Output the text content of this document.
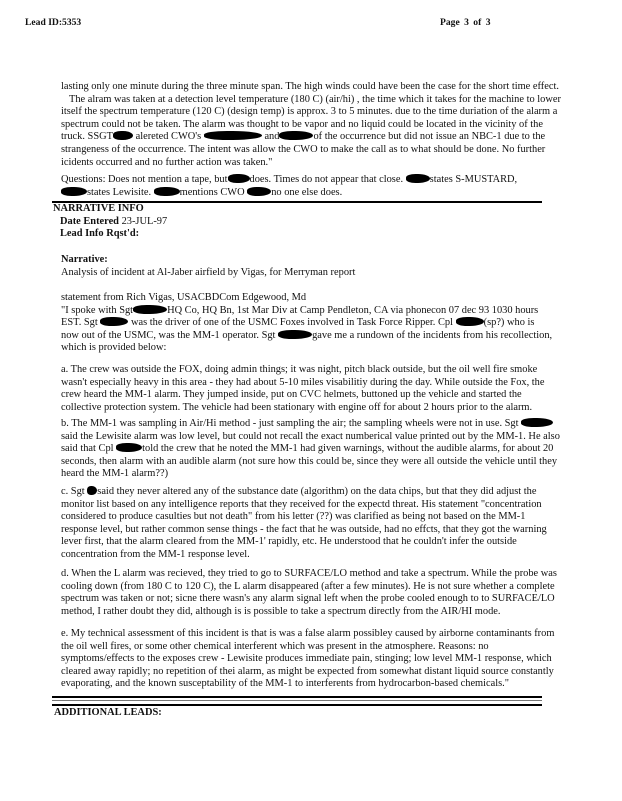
Lead ID:5353	Page 3 of 3

lasting only one minute during the three minute span. The high winds could have been the case for the short time effect.

The alram was taken at a detection level temperature (180 C) (air/hi) , the time which it takes for the machine to lower

itself the spectrum temperature (120 C) (design temp) is approx. 3 to 5 minutes. due to the time duriation of the alarm a

spectrum could not be taken. The alarm was thought to be vapor and no liquid could be located in the vicinity of the

truck. SSGT alereted CWO's	and	of the occurrence but did not issue an NBC-1 due to the

strangeness of the occurrence. The intent was allow the CWO to make the call as to what should be done. No further

icidents occurred and no further action was taken."

Questions: Does not mention a tape, but does. Times do not appear that close.	states S-MUSTARD,

states Lewisite.	mentions CWO	no one else does.

NARRATIVE INFO
Date Entered 23-JUL-97
Lead Info Rqst'd:

Narrative:

Analysis of incident at Al-Jaber airfield by Vigas, for Merryman report

statement from Rich Vigas, USACBDCom Edgewood, Md

"I spoke with Sgt	HQ Co, HQ Bn, 1st Mar Div at Camp Pendleton, CA via phonecon 07 dec 93 1030 hours

EST. Sgt	was the driver of one of the USMC Foxes involved in Task Force Ripper. Cpl	(sp?) who is

now out of the USMC, was the MM-1 operator. Sgt	gave me a rundown of the incidents from his recollection,

which is provided below:

a. The crew was outside the FOX, doing admin things; it was night, pitch black outside, but the oil well fire smoke

wasn't especially heavy in this area - they had about 5-10 miles visabilitiy during the day. While outside the Fox, the

crew heard the MM-1 alarm. They jumped inside, put on CVC helmets, buttoned up the vehicle and started the

collective protection system. The vehicle had been stationary with engine off for about 2 hours prior to the alarm.

b. The MM-1 was sampling in Air/Hi method - just sampling the air; the sampling wheels were not in use. Sgt

said the Lewisite alarm was low level, but could not recall the exact numberical value printed out by the MM-1. He also

said that Cpl	told the crew that he noted the MM-1 had given warnings, without the audible alarms, for about 20

seconds, then alarm with an audible alarm (not sure how this could be, since they were all outside the vehicle until they

heard the MM-1 alarm??)

c. Sgt said they never altered any of the substance date (algorithm) on the data chips, but that they did adjust the

monitor list based on any intelligence reports that they received for the expectd threat. His statement "concentration

considered to produce casulties but not death" from his letter (??) was clarified as being not based on the MM-1

response level, but rather common sense things - the fact that he was outside, had no effcts, that they got the warning

lever first, that the alarm cleared from the MM-1' rapidly, etc. He understood that he couldn't infer the outside

concentration from the MM-1 response level.

d. When the L alarm was recieved, they tried to go to SURFACE/LO method and take a spectrum. While the probe was

cooling down (from 180 C to 120 C), the L alarm disappeared (after a few minutes). He is not sure whether a complete

spectrum was taken or not; sicne there wasn's any alarm signal left when the probe cooled enough to to SURFACE/LO

method, I rather doubt they did, although is is possible to take a spectrum directly from the AIR/HI mode.

e. My technical assessment of this incident is that is was a false alarm possibley caused by airborne contaminants from

the oil well fires, or some other chemical interferent which was present in the atmosphere. Reasons: no

symptoms/effects to the exposes crew - Lewisite produces immediate pain, stinging; low level MM-1 response, which

cleared away rapidly; no repetition of thei alarm, as might be expected from somewhat distant liquid source constantly

evaporating, and the known susceptability of the MM-1 to interferents from hydrocarbon-based chemicals."

ADDITIONAL LEADS:
